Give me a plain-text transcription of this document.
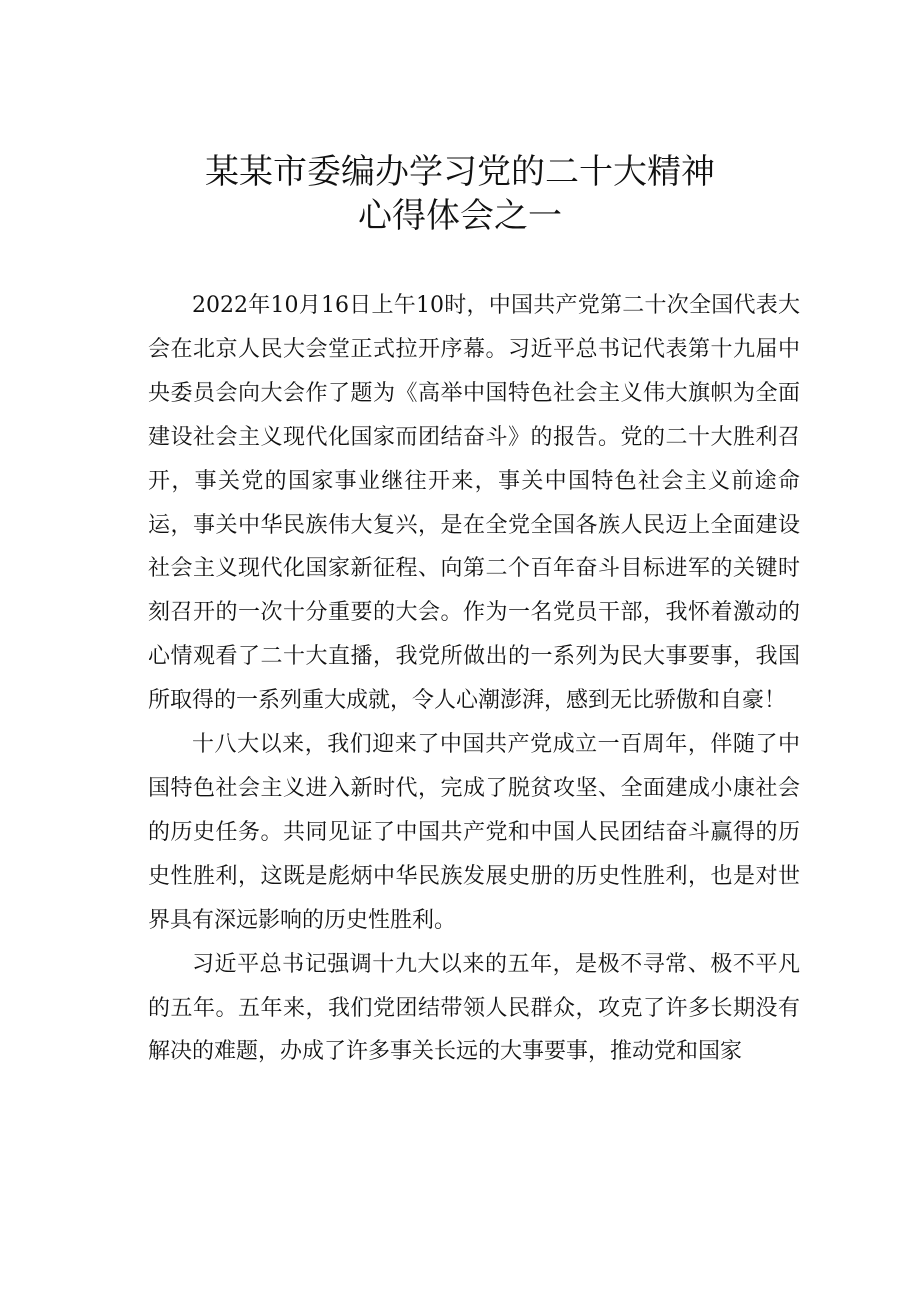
某某市委编办学习党的二十大精神
心得体会之一

2022年10月16日上午10时，中国共产党第二十次全国代表大会在北京人民大会堂正式拉开序幕。习近平总书记代表第十九届中央委员会向大会作了题为《高举中国特色社会主义伟大旗帜为全面建设社会主义现代化国家而团结奋斗》的报告。党的二十大胜利召开，事关党的国家事业继往开来，事关中国特色社会主义前途命运，事关中华民族伟大复兴，是在全党全国各族人民迈上全面建设社会主义现代化国家新征程、向第二个百年奋斗目标进军的关键时刻召开的一次十分重要的大会。作为一名党员干部，我怀着激动的心情观看了二十大直播，我党所做出的一系列为民大事要事，我国所取得的一系列重大成就，令人心潮澎湃，感到无比骄傲和自豪！

十八大以来，我们迎来了中国共产党成立一百周年，伴随了中国特色社会主义进入新时代，完成了脱贫攻坚、全面建成小康社会的历史任务。共同见证了中国共产党和中国人民团结奋斗赢得的历史性胜利，这既是彪炳中华民族发展史册的历史性胜利，也是对世界具有深远影响的历史性胜利。

习近平总书记强调十九大以来的五年，是极不寻常、极不平凡的五年。五年来，我们党团结带领人民群众，攻克了许多长期没有解决的难题，办成了许多事关长远的大事要事，推动党和国家
